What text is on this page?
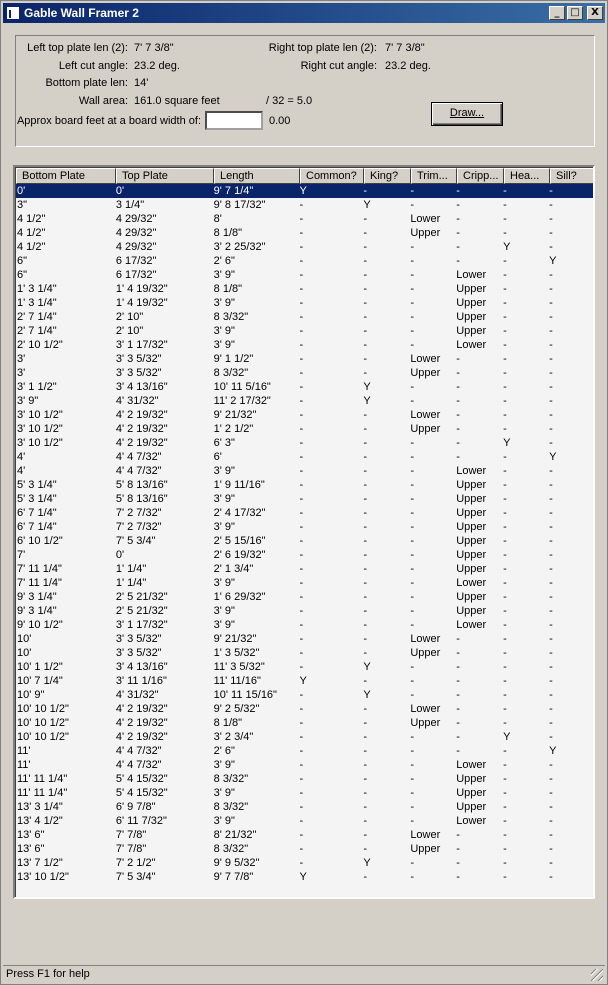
Gable Wall Framer 2	_	□	X
Left top plate len (2): 7' 7 3/8"	Right top plate len (2): 7' 7 3/8"
Left cut angle: 23.2 deg.	Right cut angle: 23.2 deg.
Bottom plate len: 14'
Wall area: 161.0 square feet	/ 32 = 5.0
Approx board feet at a board width of:	0.00
Draw...
Bottom Plate	Top Plate	Length	Common?	King?	Trim...	Cripp...	Hea...	Sill?
0'	0'	9' 7 1/4"	Y	-	-	-	-	-
3"	3 1/4"	9' 8 17/32"	-	Y	-	-	-	-
4 1/2"	4 29/32"	8'	-	-	Lower	-	-	-
4 1/2"	4 29/32"	8 1/8"	-	-	Upper	-	-	-
4 1/2"	4 29/32"	3' 2 25/32"	-	-	-	-	Y	-
6"	6 17/32"	2' 6"	-	-	-	-	-	Y
6"	6 17/32"	3' 9"	-	-	-	Lower	-	-
1' 3 1/4"	1' 4 19/32"	8 1/8"	-	-	-	Upper	-	-
1' 3 1/4"	1' 4 19/32"	3' 9"	-	-	-	Upper	-	-
2' 7 1/4"	2' 10"	8 3/32"	-	-	-	Upper	-	-
2' 7 1/4"	2' 10"	3' 9"	-	-	-	Upper	-	-
2' 10 1/2"	3' 1 17/32"	3' 9"	-	-	-	Lower	-	-
3'	3' 3 5/32"	9' 1 1/2"	-	-	Lower	-	-	-
3'	3' 3 5/32"	8 3/32"	-	-	Upper	-	-	-
3' 1 1/2"	3' 4 13/16"	10' 11 5/16"	-	Y	-	-	-	-
3' 9"	4' 31/32"	11' 2 17/32"	-	Y	-	-	-	-
3' 10 1/2"	4' 2 19/32"	9' 21/32"	-	-	Lower	-	-	-
3' 10 1/2"	4' 2 19/32"	1' 2 1/2"	-	-	Upper	-	-	-
3' 10 1/2"	4' 2 19/32"	6' 3"	-	-	-	-	Y	-
4'	4' 4 7/32"	6'	-	-	-	-	-	Y
4'	4' 4 7/32"	3' 9"	-	-	-	Lower	-	-
5' 3 1/4"	5' 8 13/16"	1' 9 11/16"	-	-	-	Upper	-	-
5' 3 1/4"	5' 8 13/16"	3' 9"	-	-	-	Upper	-	-
6' 7 1/4"	7' 2 7/32"	2' 4 17/32"	-	-	-	Upper	-	-
6' 7 1/4"	7' 2 7/32"	3' 9"	-	-	-	Upper	-	-
6' 10 1/2"	7' 5 3/4"	2' 5 15/16"	-	-	-	Upper	-	-
7'	0'	2' 6 19/32"	-	-	-	Upper	-	-
7' 11 1/4"	1' 1/4"	2' 1 3/4"	-	-	-	Upper	-	-
7' 11 1/4"	1' 1/4"	3' 9"	-	-	-	Lower	-	-
9' 3 1/4"	2' 5 21/32"	1' 6 29/32"	-	-	-	Upper	-	-
9' 3 1/4"	2' 5 21/32"	3' 9"	-	-	-	Upper	-	-
9' 10 1/2"	3' 1 17/32"	3' 9"	-	-	-	Lower	-	-
10'	3' 3 5/32"	9' 21/32"	-	-	Lower	-	-	-
10'	3' 3 5/32"	1' 3 5/32"	-	-	Upper	-	-	-
10' 1 1/2"	3' 4 13/16"	11' 3 5/32"	-	Y	-	-	-	-
10' 7 1/4"	3' 11 1/16"	11' 11/16"	Y	-	-	-	-	-
10' 9"	4' 31/32"	10' 11 15/16"	-	Y	-	-	-	-
10' 10 1/2"	4' 2 19/32"	9' 2 5/32"	-	-	Lower	-	-	-
10' 10 1/2"	4' 2 19/32"	8 1/8"	-	-	Upper	-	-	-
10' 10 1/2"	4' 2 19/32"	3' 2 3/4"	-	-	-	-	Y	-
11'	4' 4 7/32"	2' 6"	-	-	-	-	-	Y
11'	4' 4 7/32"	3' 9"	-	-	-	Lower	-	-
11' 11 1/4"	5' 4 15/32"	8 3/32"	-	-	-	Upper	-	-
11' 11 1/4"	5' 4 15/32"	3' 9"	-	-	-	Upper	-	-
13' 3 1/4"	6' 9 7/8"	8 3/32"	-	-	-	Upper	-	-
13' 4 1/2"	6' 11 7/32"	3' 9"	-	-	-	Lower	-	-
13' 6"	7' 7/8"	8' 21/32"	-	-	Lower	-	-	-
13' 6"	7' 7/8"	8 3/32"	-	-	Upper	-	-	-
13' 7 1/2"	7' 2 1/2"	9' 9 5/32"	-	Y	-	-	-	-
13' 10 1/2"	7' 5 3/4"	9' 7 7/8"	Y	-	-	-	-	-
Press F1 for help
